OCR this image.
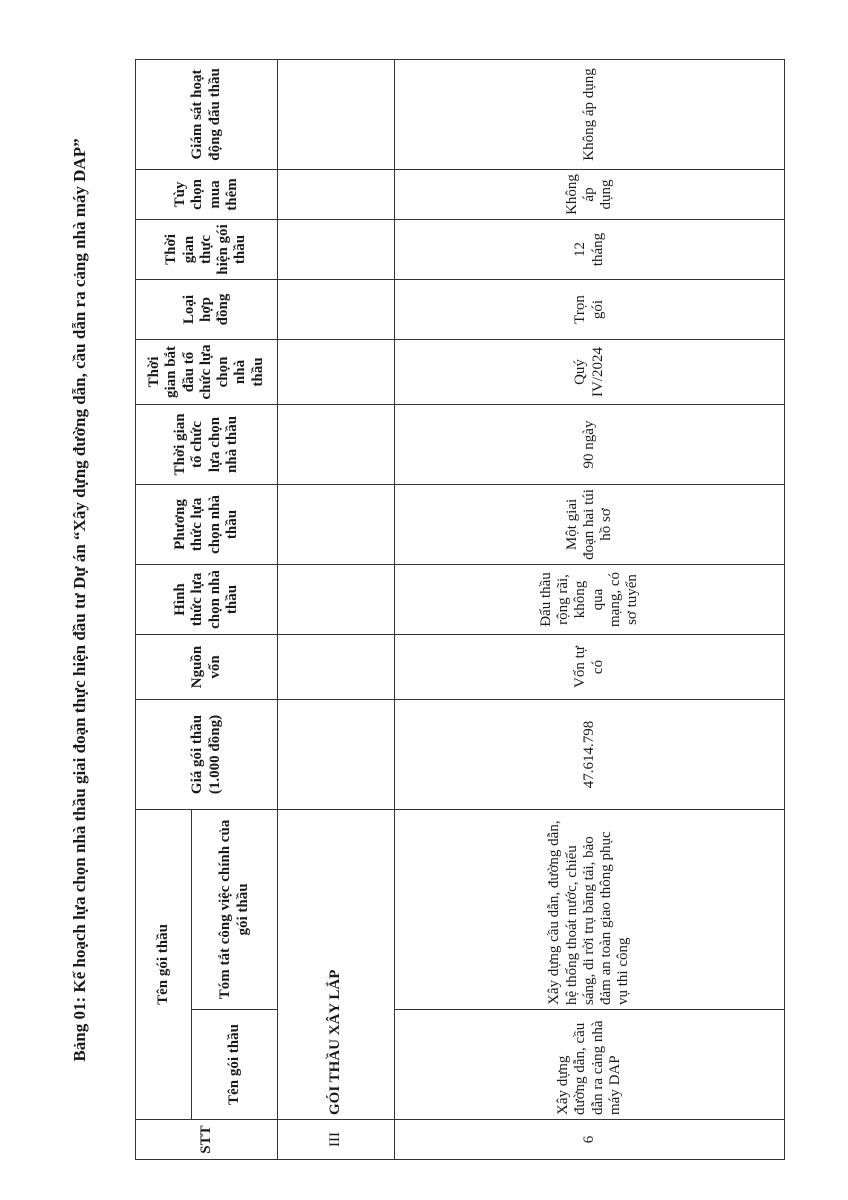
Bảng 01: Kế hoạch lựa chọn nhà thầu giai đoạn thực hiện đầu tư Dự án “Xây dựng đường dẫn, cầu dẫn ra cảng nhà máy DAP”
STT	Tên gói thầu		Giá gói thầu (1.000 đồng)	Nguồn vốn	Hình thức lựa chọn nhà thầu	Phương thức lựa chọn nhà thầu	Thời gian tổ chức lựa chọn nhà thầu	Thời gian bắt đầu tổ chức lựa chọn nhà thầu	Loại hợp đồng	Thời gian thực hiện gói thầu	Tùy chọn mua thêm	Giám sát hoạt động đấu thầu
	Tên gói thầu	Tóm tắt công việc chính của gói thầu										
III	GÓI THẦU XÂY LẮP											
6	Xây dựng đường dẫn, cầu dẫn ra cảng nhà máy DAP	Xây dựng cầu dẫn, đường dẫn, hệ thống thoát nước, chiếu sáng, di rời trụ băng tải, bảo đảm an toàn giao thông phục vụ thi công	47.614.798	Vốn tự có	Đấu thầu rộng rãi, không qua mạng, có sơ tuyển	Một giai đoạn hai túi hồ sơ	90 ngày	Quý IV/2024	Trọn gói	12 tháng	Không áp dụng	Không áp dụng
